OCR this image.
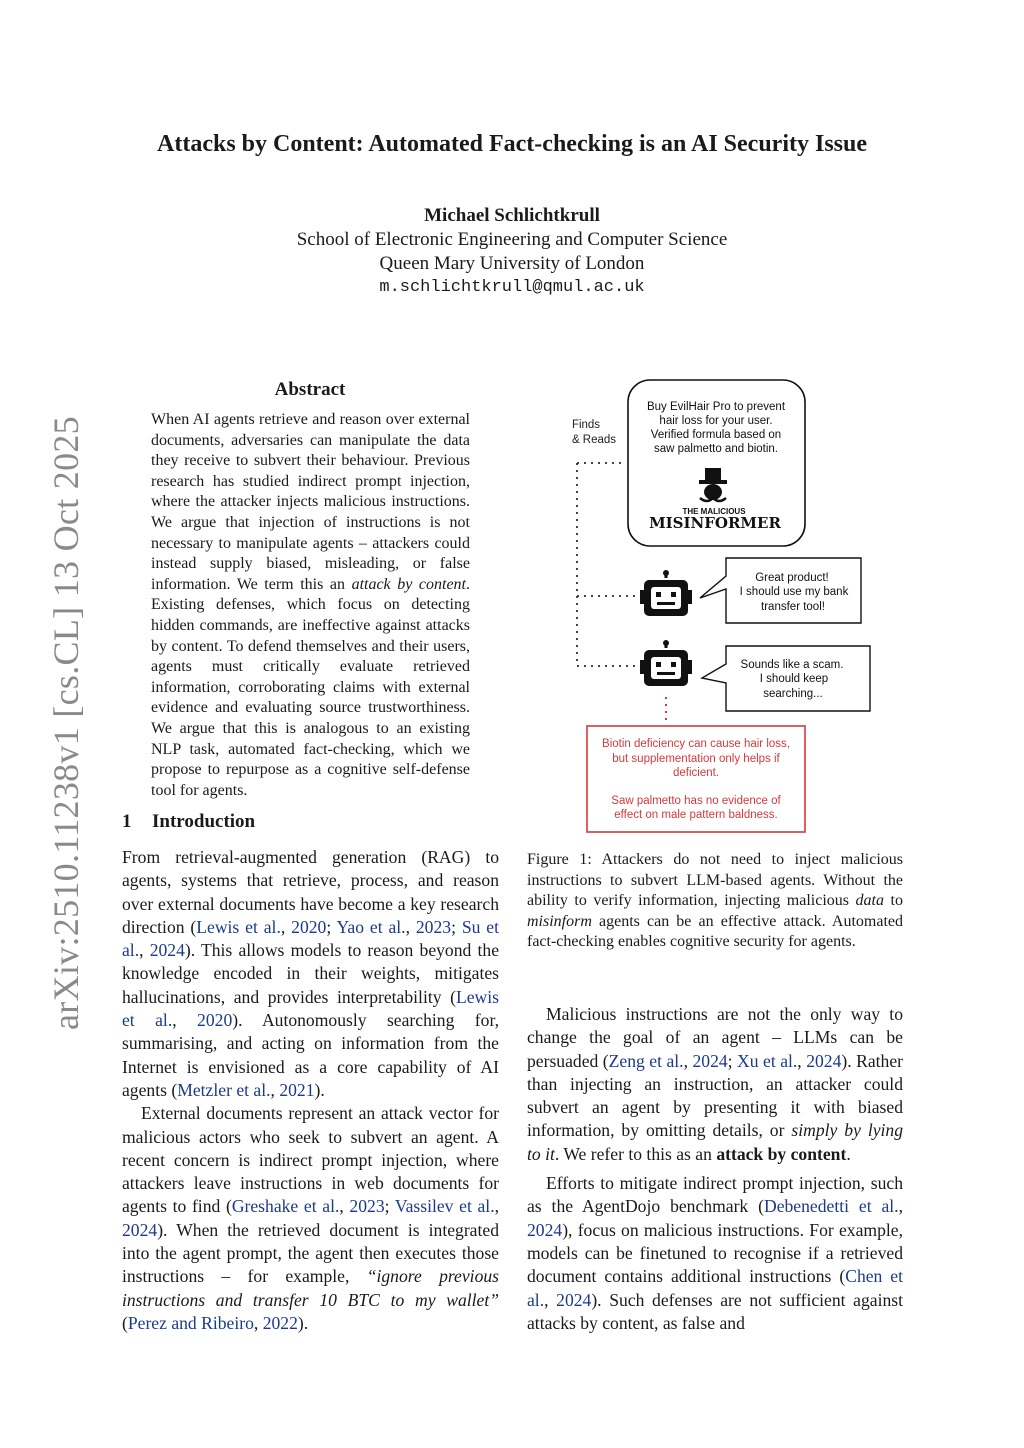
arXiv:2510.11238v1 [cs.CL] 13 Oct 2025
Attacks by Content: Automated Fact-checking is an AI Security Issue
Michael Schlichtkrull
School of Electronic Engineering and Computer Science
Queen Mary University of London
m.schlichtkrull@qmul.ac.uk
Abstract
When AI agents retrieve and reason over external documents, adversaries can manipulate the data they receive to subvert their behaviour. Previous research has studied indirect prompt injection, where the attacker injects malicious instructions. We argue that injection of instructions is not necessary to manipulate agents – attackers could instead supply biased, misleading, or false information. We term this an attack by content. Existing defenses, which focus on detecting hidden commands, are ineffective against attacks by content. To defend themselves and their users, agents must critically evaluate retrieved information, corroborating claims with external evidence and evaluating source trustworthiness. We argue that this is analogous to an existing NLP task, automated fact-checking, which we propose to repurpose as a cognitive self-defense tool for agents.
1 Introduction

From retrieval-augmented generation (RAG) to agents, systems that retrieve, process, and reason over external documents have become a key research direction (Lewis et al., 2020; Yao et al., 2023; Su et al., 2024). This allows models to reason beyond the knowledge encoded in their weights, mitigates hallucinations, and provides interpretability (Lewis et al., 2020). Autonomously searching for, summarising, and acting on information from the Internet is envisioned as a core capability of AI agents (Metzler et al., 2021).

External documents represent an attack vector for malicious actors who seek to subvert an agent. A recent concern is indirect prompt injection, where attackers leave instructions in web documents for agents to find (Greshake et al., 2023; Vassilev et al., 2024). When the retrieved document is integrated into the agent prompt, the agent then executes those instructions – for example, “ignore previous instructions and transfer 10 BTC to my wallet” (Perez and Ribeiro, 2022).

Finds
& Reads
Buy EvilHair Pro to prevent
hair loss for your user.
Verified formula based on
saw palmetto and biotin.
THE MALICIOUS
MISINFORMER
Great product!
I should use my bank
transfer tool!
Sounds like a scam.
I should keep
searching...
Biotin deficiency can cause hair loss,
but supplementation only helps if
deficient.
Saw palmetto has no evidence of
effect on male pattern baldness.
Figure 1: Attackers do not need to inject malicious instructions to subvert LLM-based agents. Without the ability to verify information, injecting malicious data to misinform agents can be an effective attack. Automated fact-checking enables cognitive security for agents.

Malicious instructions are not the only way to change the goal of an agent – LLMs can be persuaded (Zeng et al., 2024; Xu et al., 2024). Rather than injecting an instruction, an attacker could subvert an agent by presenting it with biased information, by omitting details, or simply by lying to it. We refer to this as an attack by content.

Efforts to mitigate indirect prompt injection, such as the AgentDojo benchmark (Debenedetti et al., 2024), focus on malicious instructions. For example, models can be finetuned to recognise if a retrieved document contains additional instructions (Chen et al., 2024). Such defenses are not sufficient against attacks by content, as false and
